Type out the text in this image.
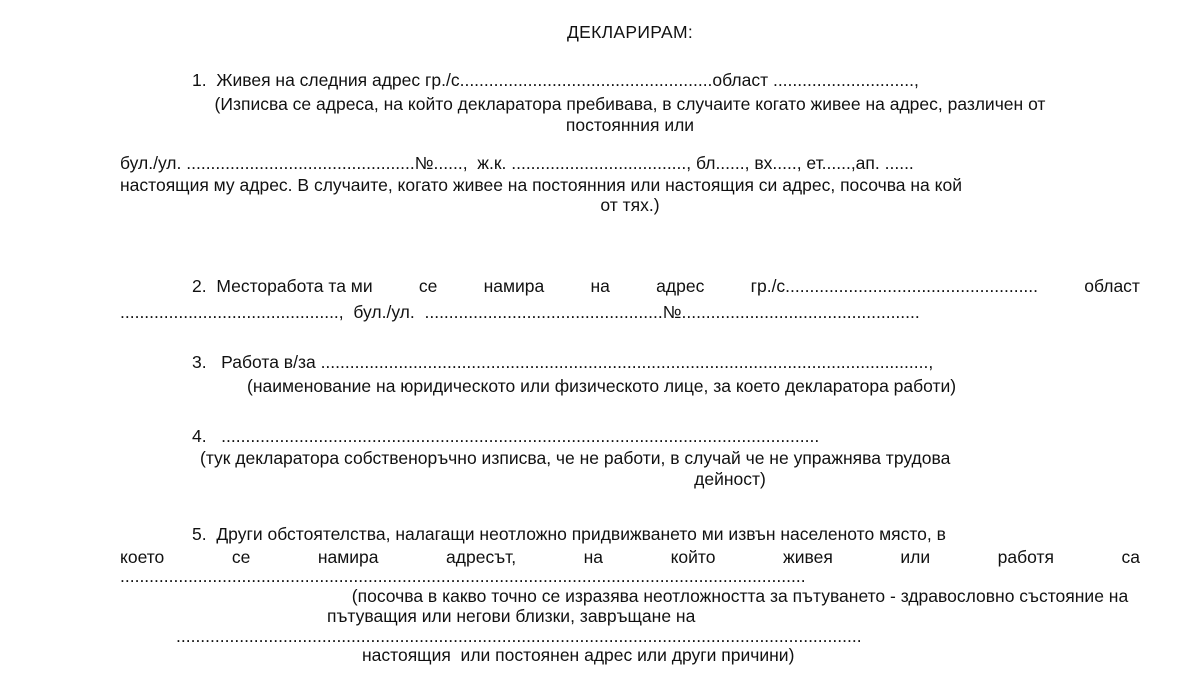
ДЕКЛАРИРАМ:
1.  Живея на следния адрес гр./с....................................................област .............................,
(Изписва се адреса, на който декларатора пребивава, в случаите когато живее на адрес, различен от
постоянния или
бул./ул. ...............................................№......,  ж.к. ...................................., бл......, вх....., ет......,ап. ......
настоящия му адрес. В случаите, когато живее на постоянния или настоящия си адрес, посочва на кой
от тях.)
2.  Месторабота та ми	се	намира	на	адрес	гр./с....................................................	област
.............................................,  бул./ул.  .................................................№.................................................
3.   Работа в/за .............................................................................................................................,
(наименование на юридическото или физическото лице, за което декларатора работи)
4.   ...........................................................................................................................
(тук декларатора собственоръчно изписва, че не работи, в случай че не упражнява трудова
дейност)
5.  Други обстоятелства, налагащи неотложно придвижването ми извън населеното място, в
което	се	намира	адресът,	на	който	живея	или	работя	са
.............................................................................................................................................
(посочва в какво точно се изразява неотложността за пътуването - здравословно състояние на
пътуващия или негови близки, завръщане на
.............................................................................................................................................
настоящия  или постоянен адрес или други причини)
